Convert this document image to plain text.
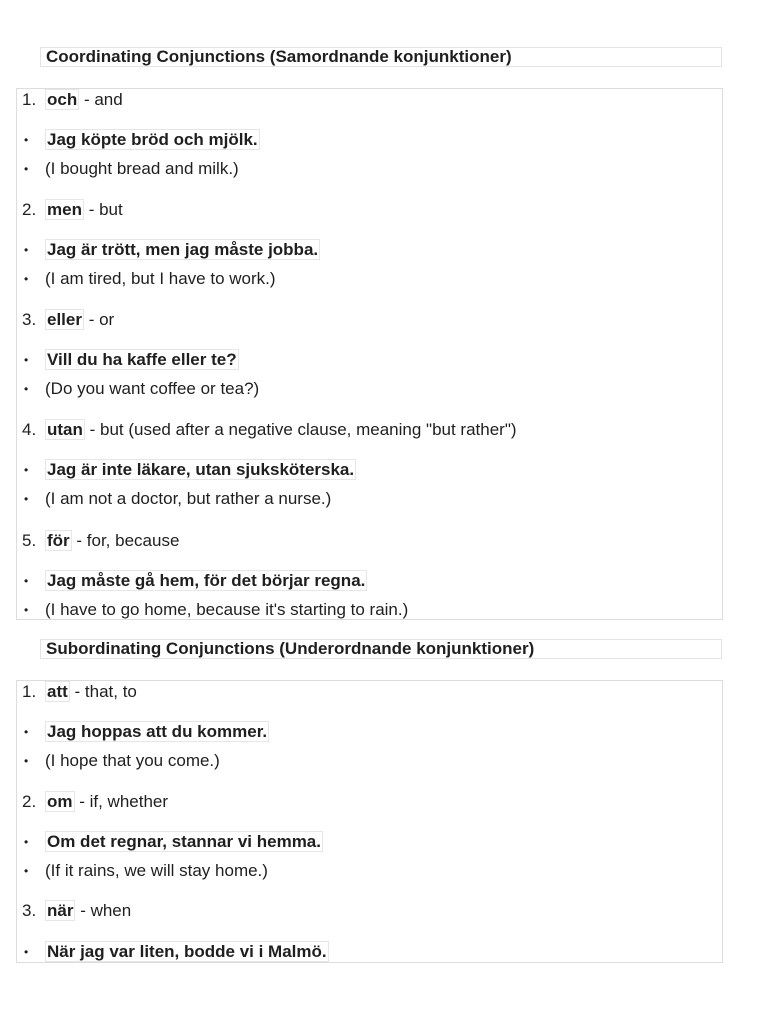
Coordinating Conjunctions (Samordnande konjunktioner)
1. och - and
•	Jag köpte bröd och mjölk.
• (I bought bread and milk.)
2. men - but
•	Jag är trött, men jag måste jobba.
• (I am tired, but I have to work.)
3. eller - or
•	Vill du ha kaffe eller te?
• (Do you want coffee or tea?)
4. utan - but (used after a negative clause, meaning "but rather")
•	Jag är inte läkare, utan sjuksköterska.
• (I am not a doctor, but rather a nurse.)
5. för - for, because
•	Jag måste gå hem, för det börjar regna.
• (I have to go home, because it's starting to rain.)
Subordinating Conjunctions (Underordnande konjunktioner)
1. att - that, to
•	Jag hoppas att du kommer.
• (I hope that you come.)
2. om - if, whether
•	Om det regnar, stannar vi hemma.
• (If it rains, we will stay home.)
3. när - when
•	När jag var liten, bodde vi i Malmö.
